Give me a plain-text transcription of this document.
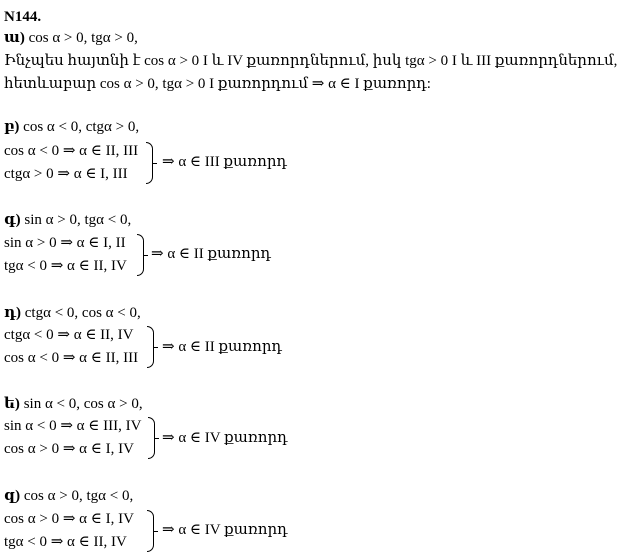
N144.
ա) cos α > 0, tgα > 0,
Ինչպես հայտնի է cos α > 0 I և IV քառորդներում, իսկ tgα > 0 I և III քառորդներում,
հետևաբար cos α > 0, tgα > 0 I քառորդում ⇒ α ∈ I քառորդ:
բ) cos α < 0, ctgα > 0,
cos α < 0 ⇒ α ∈ II, III
ctgα > 0 ⇒ α ∈ I, III
⇒ α ∈ III քառորդ
գ) sin α > 0, tgα < 0,
sin α > 0 ⇒ α ∈ I, II
tgα < 0 ⇒ α ∈ II, IV
⇒ α ∈ II քառորդ
դ) ctgα < 0, cos α < 0,
ctgα < 0 ⇒ α ∈ II, IV
cos α < 0 ⇒ α ∈ II, III
⇒ α ∈ II քառորդ
ե) sin α < 0, cos α > 0,
sin α < 0 ⇒ α ∈ III, IV
cos α > 0 ⇒ α ∈ I, IV
⇒ α ∈ IV քառորդ
զ) cos α > 0, tgα < 0,
cos α > 0 ⇒ α ∈ I, IV
tgα < 0 ⇒ α ∈ II, IV
⇒ α ∈ IV քառորդ
